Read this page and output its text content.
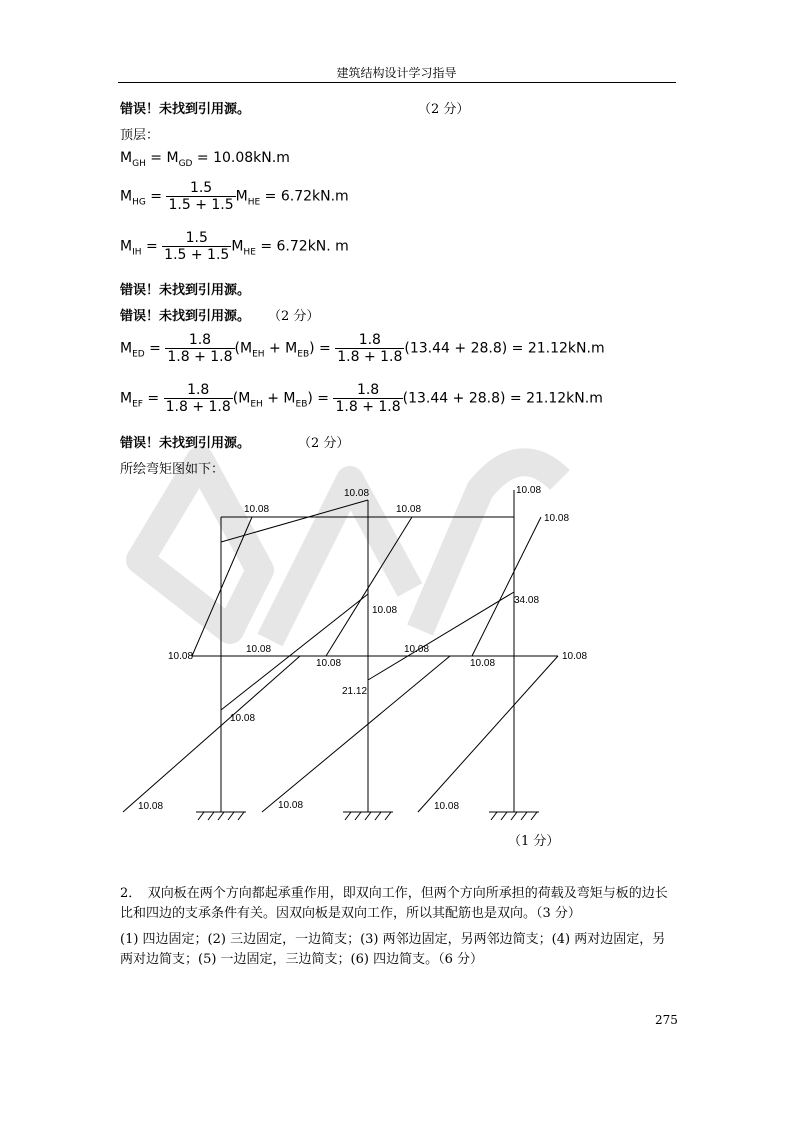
建筑结构设计学习指导
错误！未找到引用源。	（2 分）
顶层：
$M_{GH} = M_{GD} = 10.08kN.m$
$M_{HG} = \frac{1.5}{1.5 + 1.5} M_{HE} = 6.72kN.m$
$M_{IH} = \frac{1.5}{1.5 + 1.5} M_{HE} = 6.72kN$. m
错误！未找到引用源。
错误！未找到引用源。 （2 分）
$M_{ED} = \frac{1.8}{1.8 + 1.8} (M_{EH} + M_{EB}) = \frac{1.8}{1.8 + 1.8} (13.44 + 28.8) = 21.12kN.m$
$M_{EF} = \frac{1.8}{1.8 + 1.8} (M_{EH} + M_{EB}) = \frac{1.8}{1.8 + 1.8} (13.44 + 28.8) = 21.12kN.m$
错误！未找到引用源。	（2 分）
所绘弯矩图如下：
10.08	10.08
10.08	10.08
10.08
10.08
34.08
10.08
10.08	10.08
10.08
10.08
21.12
10.08
10.08
10.08	10.08	10.08
（1 分）
2．　双向板在两个方向都起承重作用，即双向工作，但两个方向所承担的荷载及弯矩与板的边长比和四边的支承条件有关。因双向板是双向工作，所以其配筋也是双向。（3 分）
(1) 四边固定；(2) 三边固定，一边简支；(3) 两邻边固定，另两邻边简支；(4) 两对边固定，另两对边简支；(5) 一边固定，三边简支；(6) 四边简支。（6 分）
275
